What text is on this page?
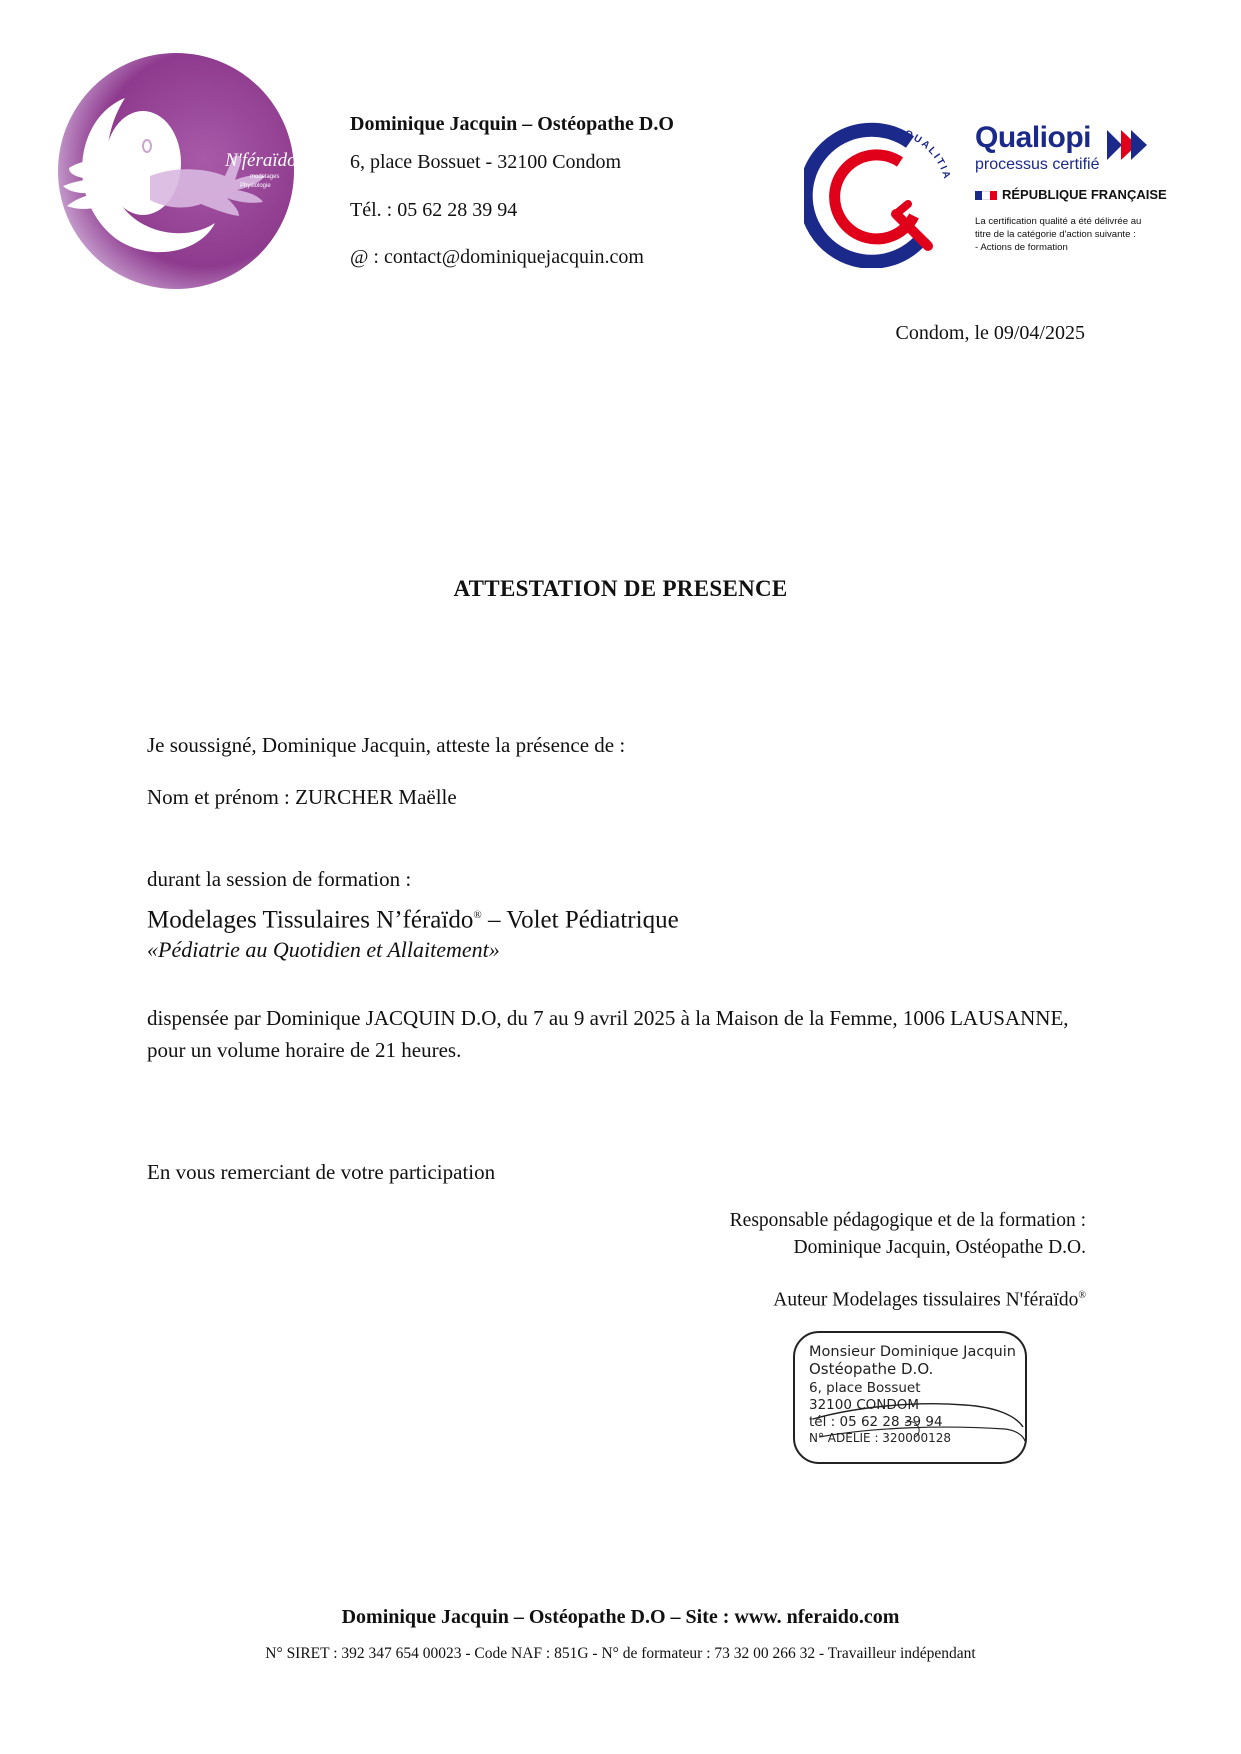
N'féraïdo
modelages
Physiologie
Dominique Jacquin – Ostéopathe D.O
6, place Bossuet - 32100 Condom
Tél. : 05 62 28 39 94
@ : contact@dominiquejacquin.com
QUALITIA
Qualiopi
processus certifié
RÉPUBLIQUE FRANÇAISE
La certification qualité a été délivrée au
titre de la catégorie d'action suivante :
- Actions de formation
Condom, le 09/04/2025
ATTESTATION DE PRESENCE
Je soussigné, Dominique Jacquin, atteste la présence de :
Nom et prénom : ZURCHER Maëlle
durant la session de formation :
Modelages Tissulaires N’féraïdo® – Volet Pédiatrique
«Pédiatrie au Quotidien et Allaitement»
dispensée par Dominique JACQUIN D.O, du 7 au 9 avril 2025 à la Maison de la Femme, 1006 LAUSANNE, pour un volume horaire de 21 heures.
En vous remerciant de votre participation
Responsable pédagogique et de la formation :
Dominique Jacquin, Ostéopathe D.O.
Auteur Modelages tissulaires N'féraïdo®
Monsieur Dominique Jacquin
Ostéopathe D.O.
6, place Bossuet
32100 CONDOM
tél : 05 62 28 39 94
N° ADELIE : 320000128
Dominique Jacquin – Ostéopathe D.O – Site : www. nferaido.com
N° SIRET : 392 347 654 00023 - Code NAF : 851G - N° de formateur : 73 32 00 266 32 - Travailleur indépendant
